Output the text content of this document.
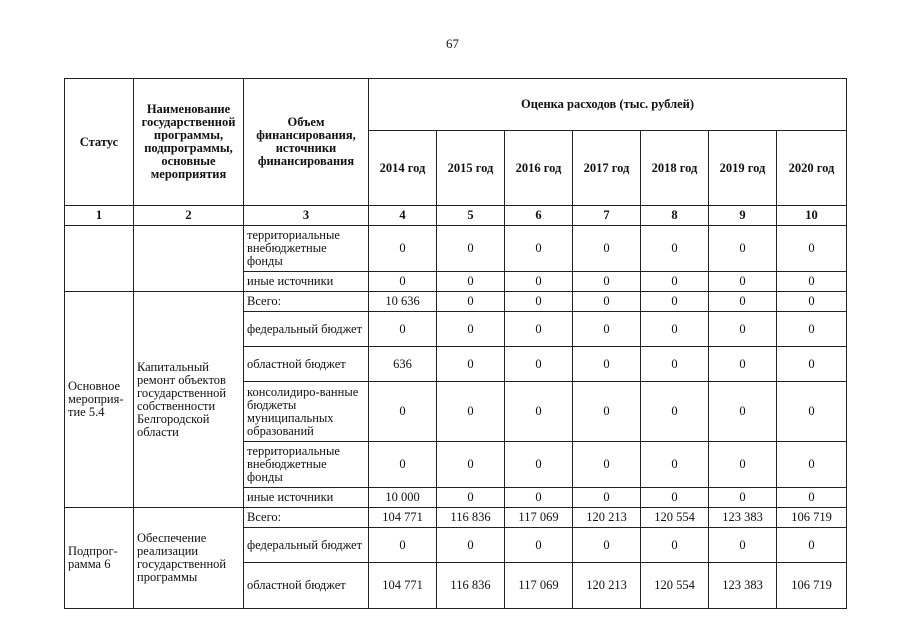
67
Статус	Наименование государственной программы, подпрограммы, основные мероприятия	Объем финансирования, источники финансирования	Оценка расходов (тыс. рублей)						
			2014 год	2015 год	2016 год	2017 год	2018 год	2019 год	2020 год
1	2	3	4	5	6	7	8	9	10
		территориальные внебюджетные фонды	0	0	0	0	0	0	0
		иные источники	0	0	0	0	0	0	0
Основное мероприя-тие 5.4	Капитальный ремонт объектов государственной собственности Белгородской области	Всего:	10 636	0	0	0	0	0	0
		федеральный бюджет	0	0	0	0	0	0	0
		областной бюджет	636	0	0	0	0	0	0
		консолидиро-ванные бюджеты муниципальных образований	0	0	0	0	0	0	0
		территориальные внебюджетные фонды	0	0	0	0	0	0	0
		иные источники	10 000	0	0	0	0	0	0
Подпрог-рамма 6	Обеспечение реализации государственной программы	Всего:	104 771	116 836	117 069	120 213	120 554	123 383	106 719
		федеральный бюджет	0	0	0	0	0	0	0
		областной бюджет	104 771	116 836	117 069	120 213	120 554	123 383	106 719
